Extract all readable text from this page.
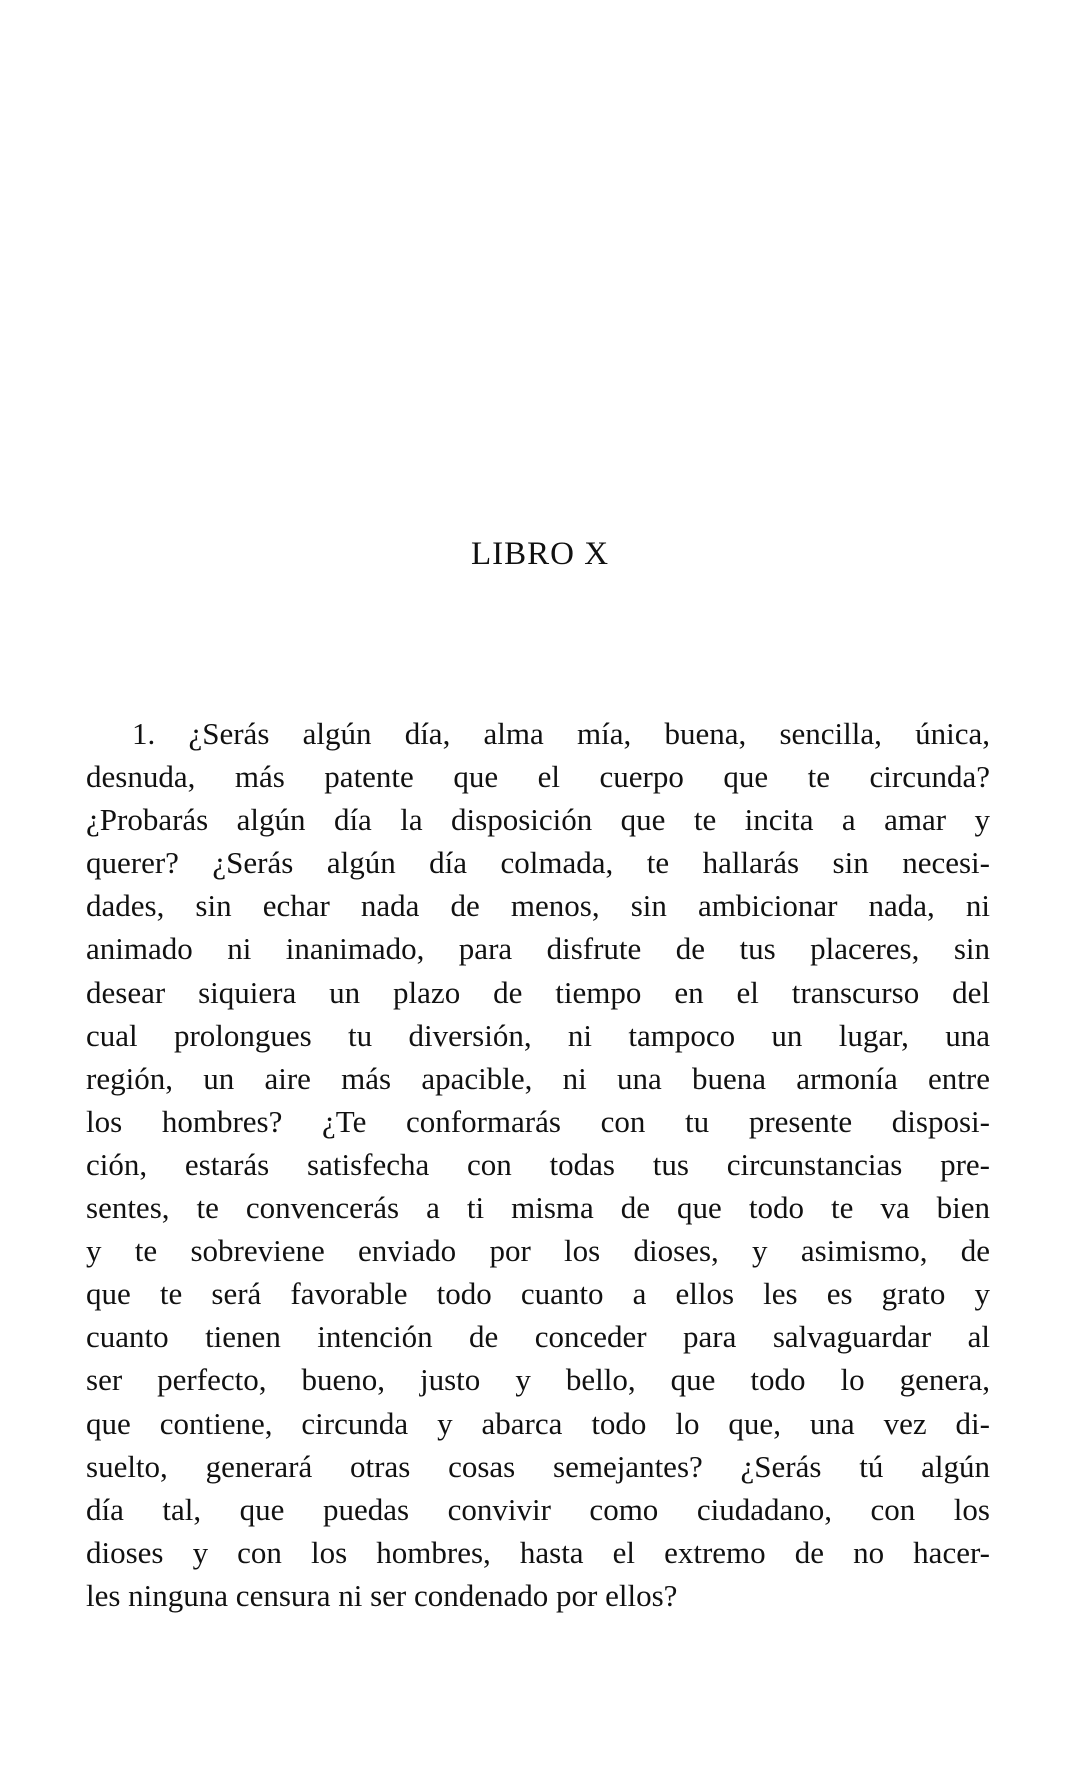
LIBRO X
1. ¿Serás algún día, alma mía, buena, sencilla, única,
desnuda, más patente que el cuerpo que te circunda?
¿Probarás algún día la disposición que te incita a amar y
querer? ¿Serás algún día colmada, te hallarás sin necesi-
dades, sin echar nada de menos, sin ambicionar nada, ni
animado ni inanimado, para disfrute de tus placeres, sin
desear siquiera un plazo de tiempo en el transcurso del
cual prolongues tu diversión, ni tampoco un lugar, una
región, un aire más apacible, ni una buena armonía entre
los hombres? ¿Te conformarás con tu presente disposi-
ción, estarás satisfecha con todas tus circunstancias pre-
sentes, te convencerás a ti misma de que todo te va bien
y te sobreviene enviado por los dioses, y asimismo, de
que te será favorable todo cuanto a ellos les es grato y
cuanto tienen intención de conceder para salvaguardar al
ser perfecto, bueno, justo y bello, que todo lo genera,
que contiene, circunda y abarca todo lo que, una vez di-
suelto, generará otras cosas semejantes? ¿Serás tú algún
día tal, que puedas convivir como ciudadano, con los
dioses y con los hombres, hasta el extremo de no hacer-
les ninguna censura ni ser condenado por ellos?
